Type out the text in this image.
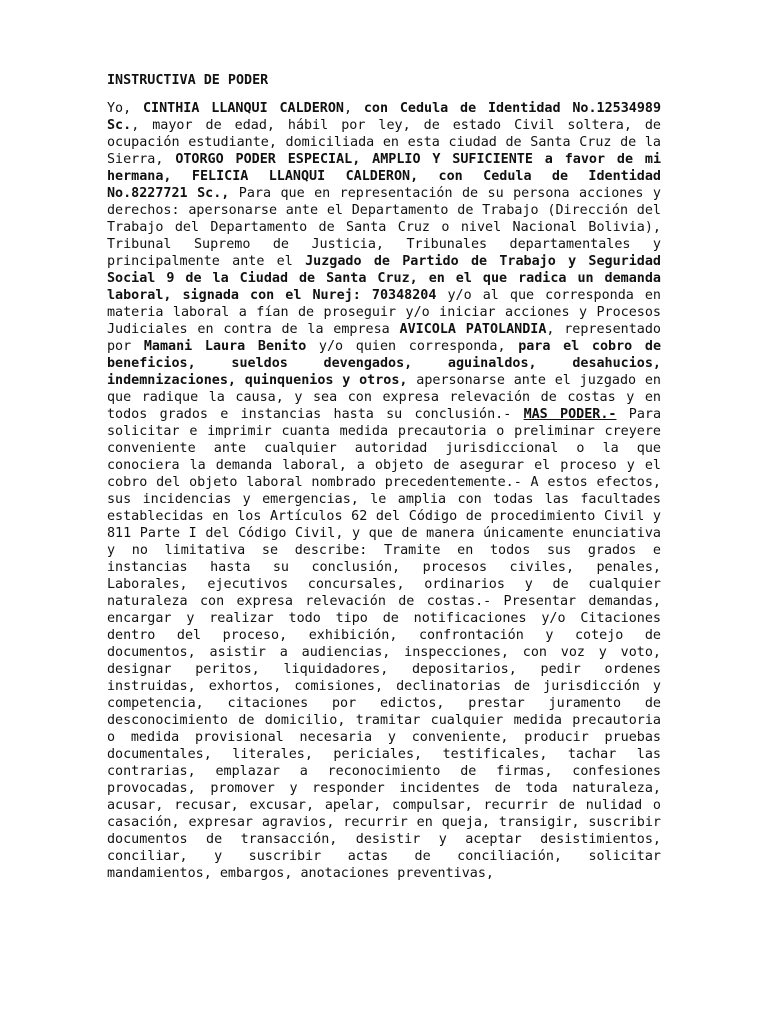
INSTRUCTIVA DE PODER

Yo, CINTHIA LLANQUI CALDERON, con Cedula de Identidad No.12534989 Sc., mayor de edad, hábil por ley, de estado Civil soltera, de ocupación estudiante, domiciliada en esta ciudad de Santa Cruz de la Sierra, OTORGO PODER ESPECIAL, AMPLIO Y SUFICIENTE a favor de mi hermana, FELICIA LLANQUI CALDERON, con Cedula de Identidad No.8227721 Sc., Para que en representación de su persona acciones y derechos: apersonarse ante el Departamento de Trabajo (Dirección del Trabajo del Departamento de Santa Cruz o nivel Nacional Bolivia), Tribunal Supremo de Justicia, Tribunales departamentales y principalmente ante el Juzgado de Partido de Trabajo y Seguridad Social 9 de la Ciudad de Santa Cruz, en el que radica un demanda laboral, signada con el Nurej: 70348204 y/o al que corresponda en materia laboral a fían de proseguir y/o iniciar acciones y Procesos Judiciales en contra de la empresa AVICOLA PATOLANDIA, representado por Mamani Laura Benito y/o quien corresponda, para el cobro de beneficios, sueldos devengados, aguinaldos, desahucios, indemnizaciones, quinquenios y otros, apersonarse ante el juzgado en que radique la causa, y sea con expresa relevación de costas y en todos grados e instancias hasta su conclusión.- MAS PODER.- Para solicitar e imprimir cuanta medida precautoria o preliminar creyere conveniente ante cualquier autoridad jurisdiccional o la que conociera la demanda laboral, a objeto de asegurar el proceso y el cobro del objeto laboral nombrado precedentemente.- A estos efectos, sus incidencias y emergencias, le amplia con todas las facultades establecidas en los Artículos 62 del Código de procedimiento Civil y 811 Parte I del Código Civil, y que de manera únicamente enunciativa y no limitativa se describe: Tramite en todos sus grados e instancias hasta su conclusión, procesos civiles, penales, Laborales, ejecutivos concursales, ordinarios y de cualquier naturaleza con expresa relevación de costas.- Presentar demandas, encargar y realizar todo tipo de notificaciones y/o Citaciones dentro del proceso, exhibición, confrontación y cotejo de documentos, asistir a audiencias, inspecciones, con voz y voto, designar peritos, liquidadores, depositarios, pedir ordenes instruidas, exhortos, comisiones, declinatorias de jurisdicción y competencia, citaciones por edictos, prestar juramento de desconocimiento de domicilio, tramitar cualquier medida precautoria o medida provisional necesaria y conveniente, producir pruebas documentales, literales, periciales, testificales, tachar las contrarias, emplazar a reconocimiento de firmas, confesiones provocadas, promover y responder incidentes de toda naturaleza, acusar, recusar, excusar, apelar, compulsar, recurrir de nulidad o casación, expresar agravios, recurrir en queja, transigir, suscribir documentos de transacción, desistir y aceptar desistimientos, conciliar, y suscribir actas de conciliación, solicitar mandamientos, embargos, anotaciones preventivas,
